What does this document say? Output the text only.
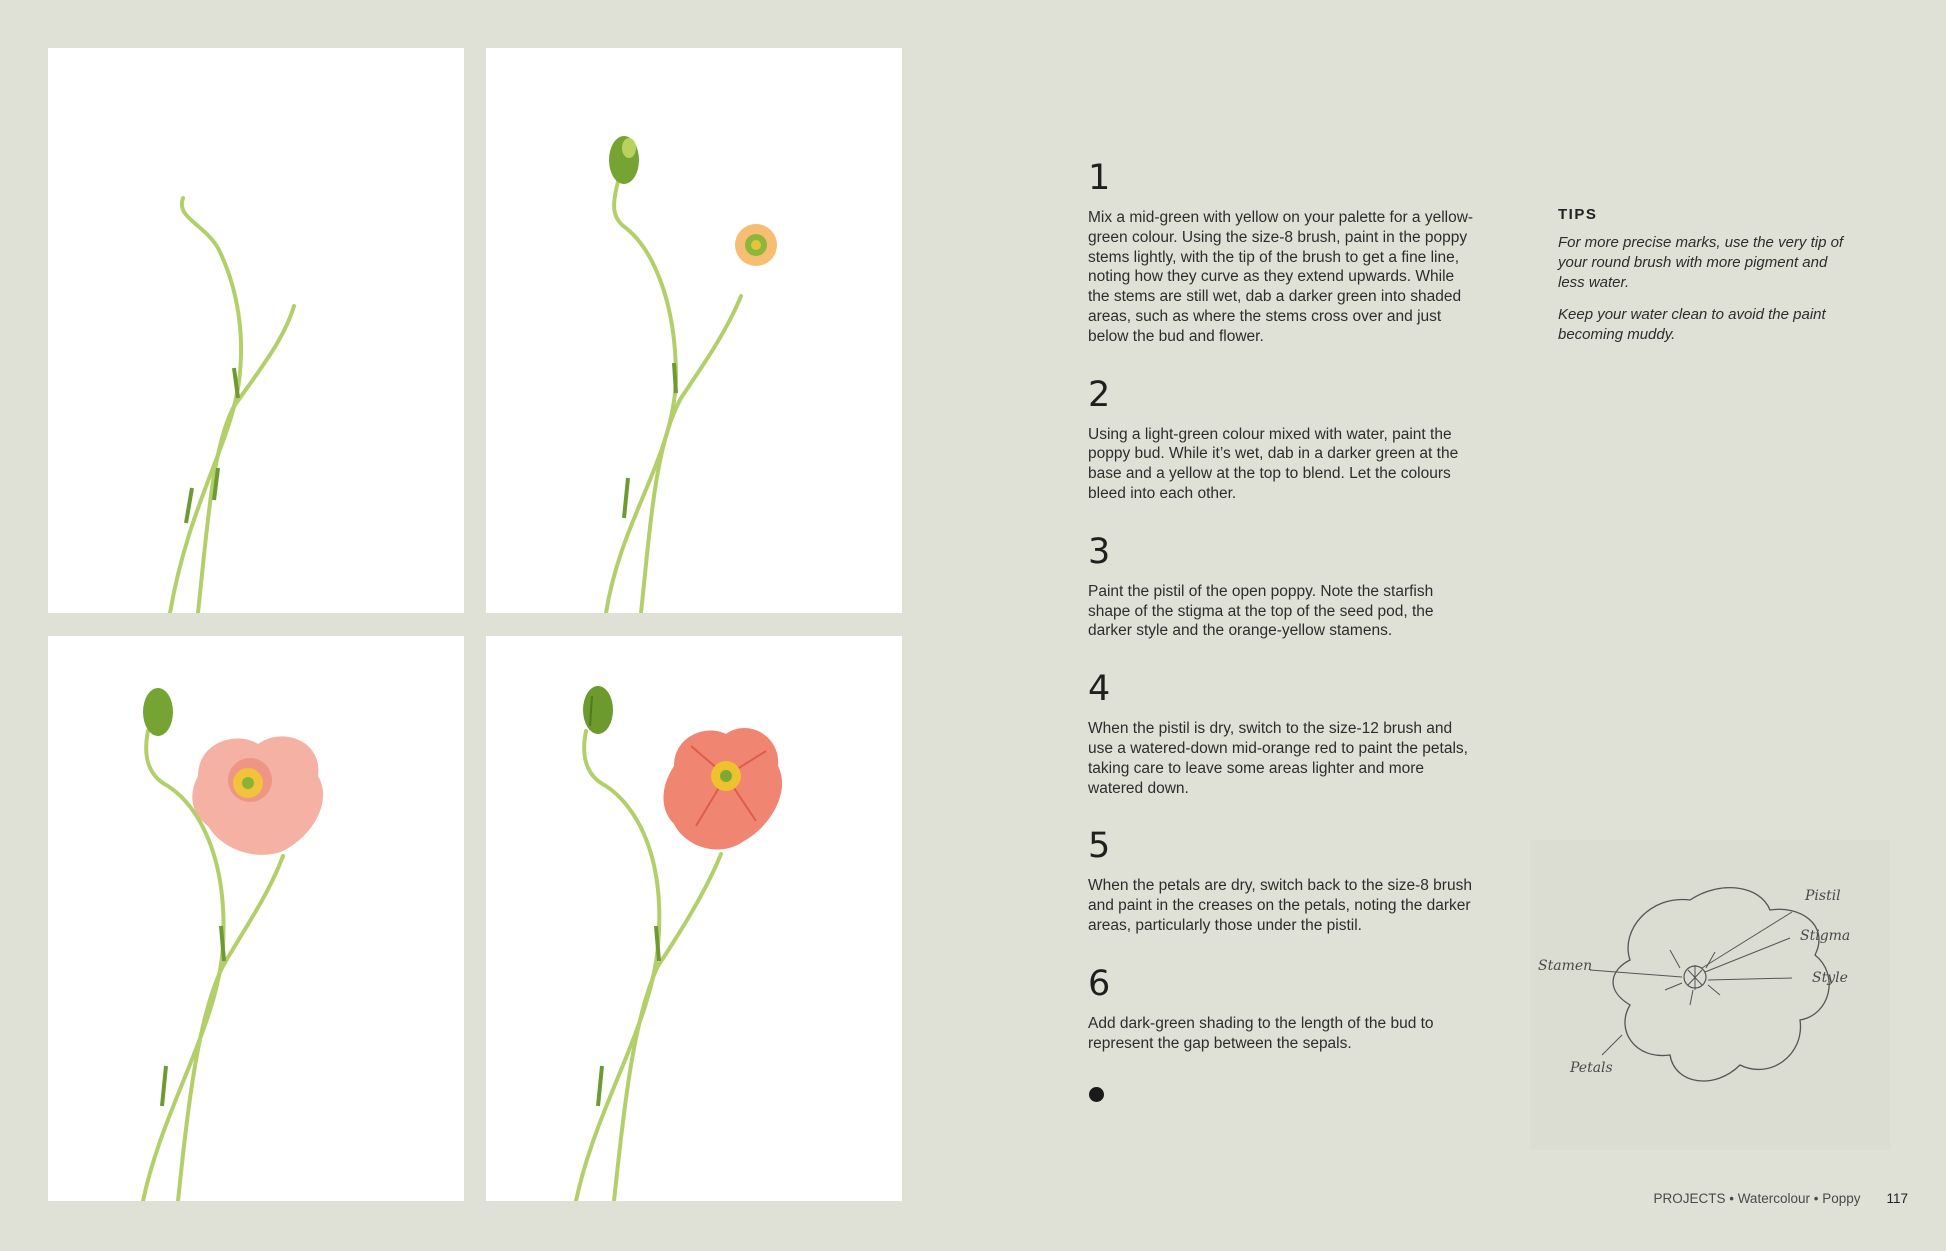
1

Mix a mid-green with yellow on your palette for a yellow-green colour. Using the size-8 brush, paint in the poppy stems lightly, with the tip of the brush to get a fine line, noting how they curve as they extend upwards. While the stems are still wet, dab a darker green into shaded areas, such as where the stems cross over and just below the bud and flower.

2

Using a light-green colour mixed with water, paint the poppy bud. While it’s wet, dab in a darker green at the base and a yellow at the top to blend. Let the colours bleed into each other.

3

Paint the pistil of the open poppy. Note the starfish shape of the stigma at the top of the seed pod, the darker style and the orange-yellow stamens.

4

When the pistil is dry, switch to the size-12 brush and use a watered-down mid-orange red to paint the petals, taking care to leave some areas lighter and more watered down.

5

When the petals are dry, switch back to the size-8 brush and paint in the creases on the petals, noting the darker areas, particularly those under the pistil.

6

Add dark-green shading to the length of the bud to represent the gap between the sepals.

TIPS

For more precise marks, use the very tip of your round brush with more pigment and less water.

Keep your water clean to avoid the paint becoming muddy.

Pistil
Stigma
Style
Stamen
Petals
PROJECTS • Watercolour • Poppy 117
